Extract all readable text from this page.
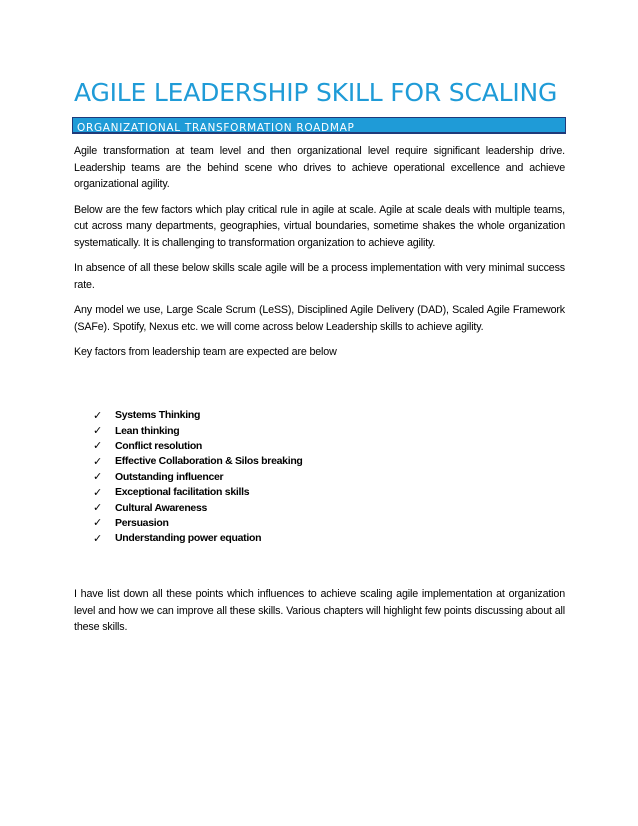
AGILE LEADERSHIP SKILL FOR SCALING
ORGANIZATIONAL TRANSFORMATION ROADMAP

Agile transformation at team level and then organizational level require significant leadership drive. Leadership teams are the behind scene who drives to achieve operational excellence and achieve organizational agility.

Below are the few factors which play critical rule in agile at scale. Agile at scale deals with multiple teams, cut across many departments, geographies, virtual boundaries, sometime shakes the whole organization systematically. It is challenging to transformation organization to achieve agility.

In absence of all these below skills scale agile will be a process implementation with very minimal success rate.

Any model we use, Large Scale Scrum (LeSS), Disciplined Agile Delivery (DAD), Scaled Agile Framework (SAFe). Spotify, Nexus etc. we will come across below Leadership skills to achieve agility.

Key factors from leadership team are expected are below

✓	Systems Thinking
✓	Lean thinking
✓	Conflict resolution
✓	Effective Collaboration & Silos breaking
✓	Outstanding influencer
✓	Exceptional facilitation skills
✓	Cultural Awareness
✓	Persuasion
✓	Understanding power equation

I have list down all these points which influences to achieve scaling agile implementation at organization level and how we can improve all these skills. Various chapters will highlight few points discussing about all these skills.
